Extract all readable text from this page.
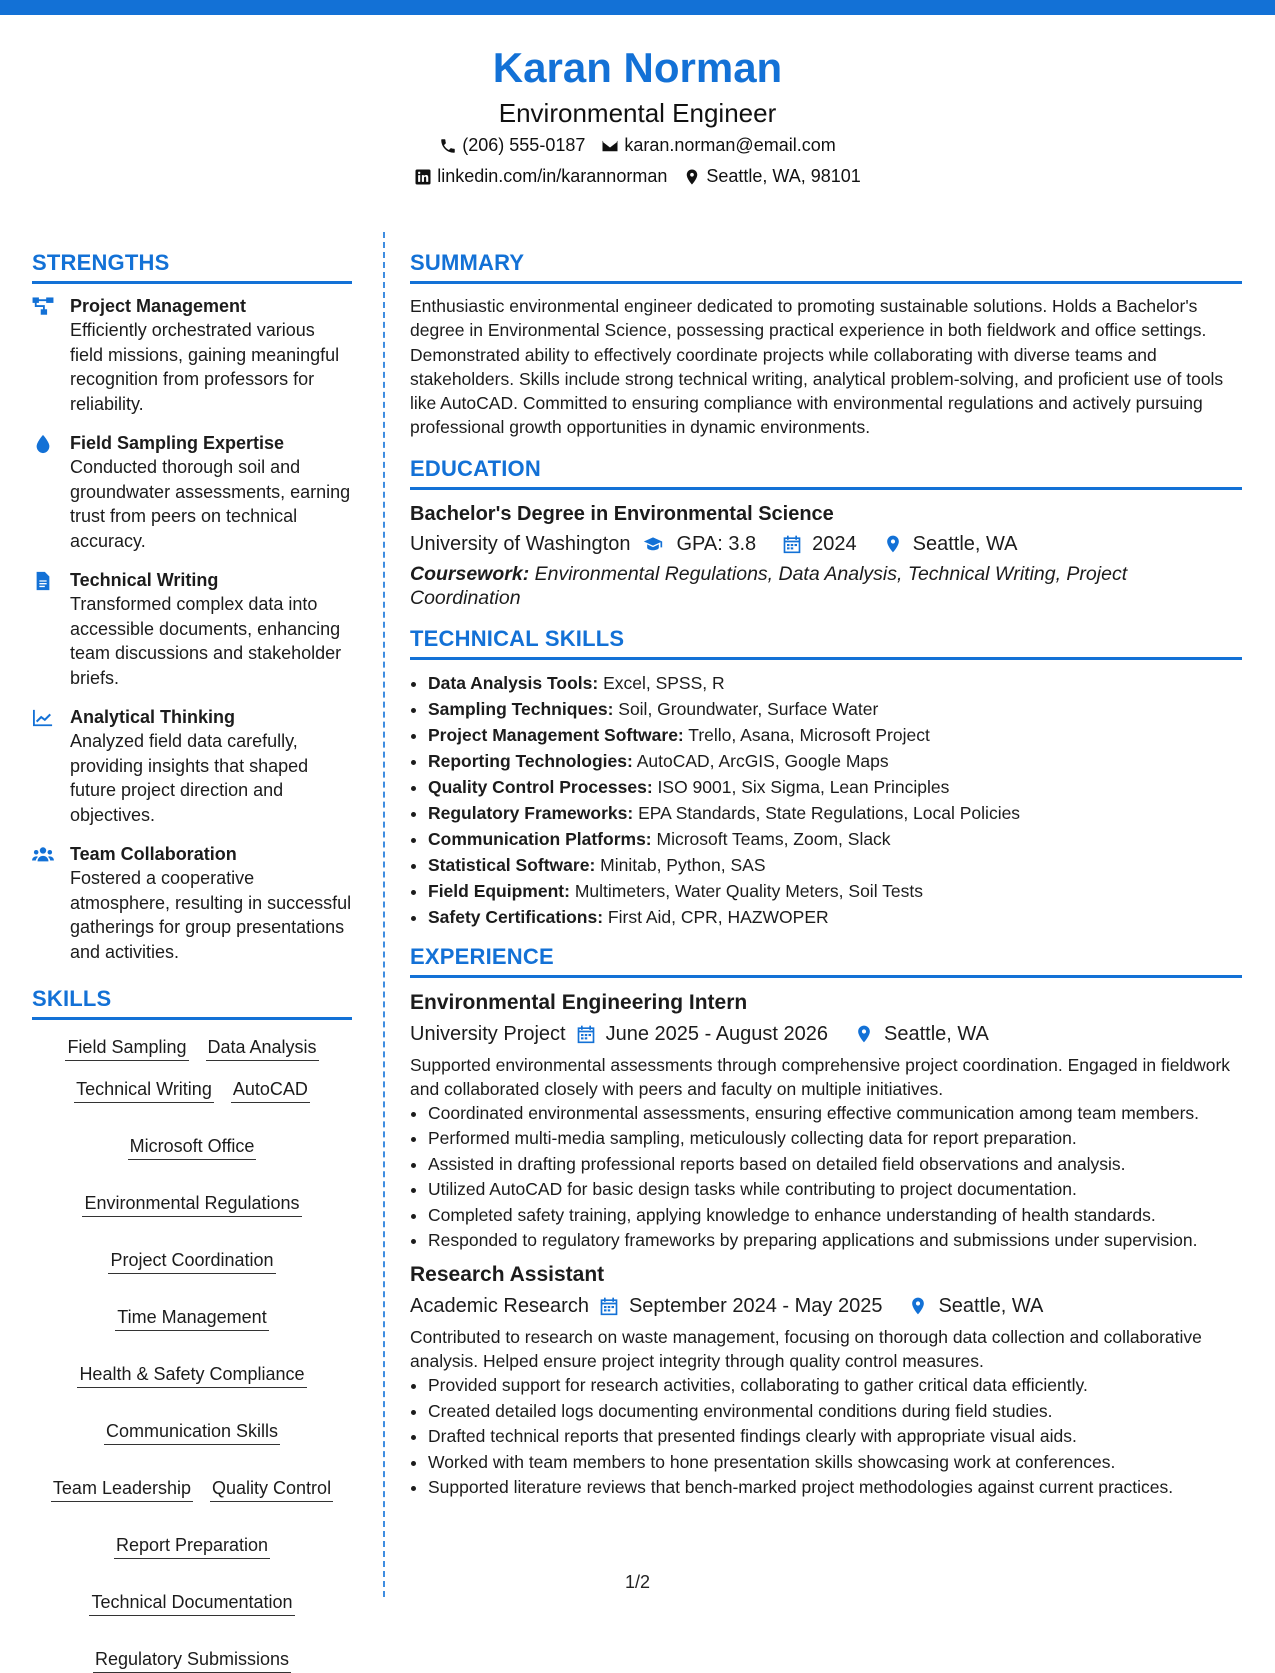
Karan Norman
Environmental Engineer
(206) 555-0187 karan.norman@email.com
linkedin.com/in/karannorman Seattle, WA, 98101
STRENGTHS
Project Management
Efficiently orchestrated various field missions, gaining meaningful recognition from professors for reliability.
Field Sampling Expertise
Conducted thorough soil and groundwater assessments, earning trust from peers on technical accuracy.
Technical Writing
Transformed complex data into accessible documents, enhancing team discussions and stakeholder briefs.
Analytical Thinking
Analyzed field data carefully, providing insights that shaped future project direction and objectives.
Team Collaboration
Fostered a cooperative atmosphere, resulting in successful gatherings for group presentations and activities.
SKILLS
Field Sampling Data Analysis
Technical Writing AutoCAD
Microsoft Office
Environmental Regulations
Project Coordination
Time Management
Health & Safety Compliance
Communication Skills
Team Leadership Quality Control
Report Preparation
Technical Documentation
Regulatory Submissions
SUMMARY
Enthusiastic environmental engineer dedicated to promoting sustainable solutions. Holds a Bachelor's degree in Environmental Science, possessing practical experience in both fieldwork and office settings. Demonstrated ability to effectively coordinate projects while collaborating with diverse teams and stakeholders. Skills include strong technical writing, analytical problem-solving, and proficient use of tools like AutoCAD. Committed to ensuring compliance with environmental regulations and actively pursuing professional growth opportunities in dynamic environments.
EDUCATION
Bachelor's Degree in Environmental Science
University of Washington GPA: 3.8	2024	Seattle, WA
Coursework: Environmental Regulations, Data Analysis, Technical Writing, Project Coordination
TECHNICAL SKILLS
• Data Analysis Tools: Excel, SPSS, R
• Sampling Techniques: Soil, Groundwater, Surface Water
• Project Management Software: Trello, Asana, Microsoft Project
• Reporting Technologies: AutoCAD, ArcGIS, Google Maps
• Quality Control Processes: ISO 9001, Six Sigma, Lean Principles
• Regulatory Frameworks: EPA Standards, State Regulations, Local Policies
• Communication Platforms: Microsoft Teams, Zoom, Slack
• Statistical Software: Minitab, Python, SAS
• Field Equipment: Multimeters, Water Quality Meters, Soil Tests
• Safety Certifications: First Aid, CPR, HAZWOPER
EXPERIENCE
Environmental Engineering Intern
University Project June 2025 - August 2026	Seattle, WA
Supported environmental assessments through comprehensive project coordination. Engaged in fieldwork and collaborated closely with peers and faculty on multiple initiatives.
• Coordinated environmental assessments, ensuring effective communication among team members.
• Performed multi-media sampling, meticulously collecting data for report preparation.
• Assisted in drafting professional reports based on detailed field observations and analysis.
• Utilized AutoCAD for basic design tasks while contributing to project documentation.
• Completed safety training, applying knowledge to enhance understanding of health standards.
• Responded to regulatory frameworks by preparing applications and submissions under supervision.
Research Assistant
Academic Research September 2024 - May 2025	Seattle, WA
Contributed to research on waste management, focusing on thorough data collection and collaborative analysis. Helped ensure project integrity through quality control measures.
• Provided support for research activities, collaborating to gather critical data efficiently.
• Created detailed logs documenting environmental conditions during field studies.
• Drafted technical reports that presented findings clearly with appropriate visual aids.
• Worked with team members to hone presentation skills showcasing work at conferences.
• Supported literature reviews that bench-marked project methodologies against current practices.
1/2
